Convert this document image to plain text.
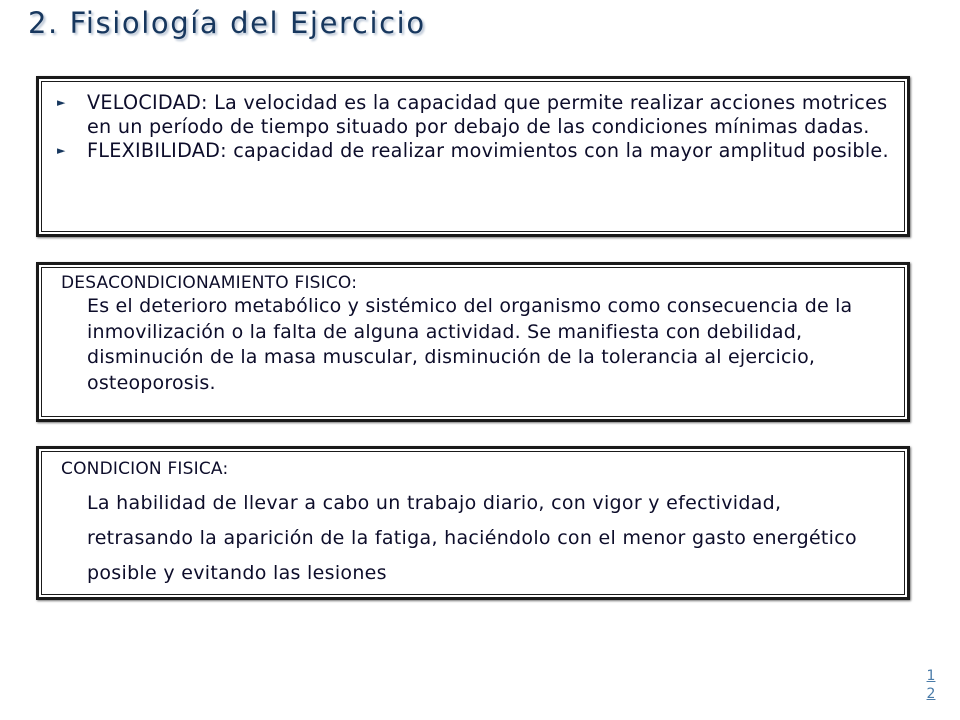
2. Fisiología del Ejercicio
►	VELOCIDAD: La velocidad es la capacidad que permite realizar acciones motrices en un período de tiempo situado por debajo de las condiciones mínimas dadas.
►	FLEXIBILIDAD: capacidad de realizar movimientos con la mayor amplitud posible.
DESACONDICIONAMIENTO FISICO:
Es el deterioro metabólico y sistémico del organismo como consecuencia de la inmovilización o la falta de alguna actividad. Se manifiesta con debilidad, disminución de la masa muscular, disminución de la tolerancia al ejercicio, osteoporosis.
CONDICION FISICA:
La habilidad de llevar a cabo un trabajo diario, con vigor y efectividad, retrasando la aparición de la fatiga, haciéndolo con el menor gasto energético posible y evitando las lesiones
12
